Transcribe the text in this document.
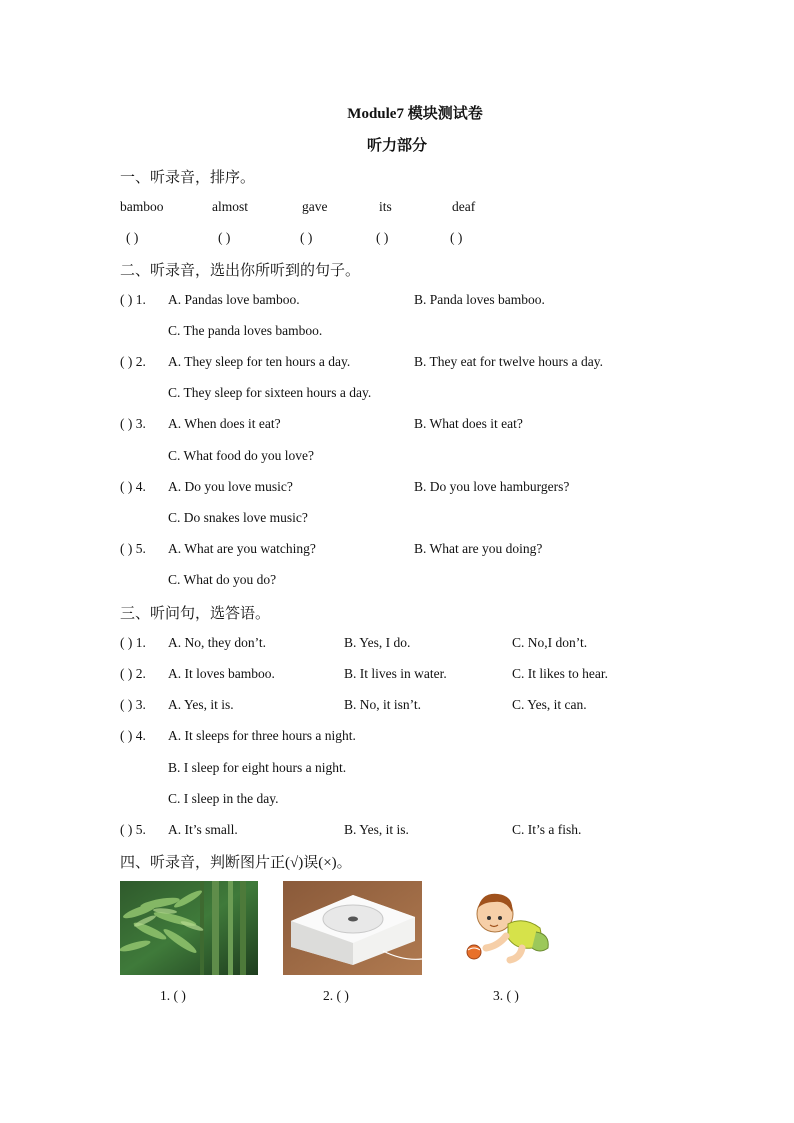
Module7 模块测试卷
听力部分
一、听录音，排序。
bamboo	almost	gave	its	deaf
( )	( )	( )	( )	( )
二、听录音，选出你所听到的句子。
( ) 1. A. Pandas love bamboo.	B. Panda loves bamboo.
C. The panda loves bamboo.
( ) 2. A. They sleep for ten hours a day.	B. They eat for twelve hours a day.
C. They sleep for sixteen hours a day.
( ) 3. A. When does it eat?	B. What does it eat?
C. What food do you love?
( ) 4. A. Do you love music?	B. Do you love hamburgers?
C. Do snakes love music?
( ) 5. A. What are you watching?	B. What are you doing?
C. What do you do?
三、听问句，选答语。
( ) 1. A. No, they don’t.	B. Yes, I do.	C. No,I don’t.
( ) 2. A. It loves bamboo.	B. It lives in water.	C. It likes to hear.
( ) 3. A. Yes, it is.	B. No, it isn’t.	C. Yes, it can.
( ) 4. A. It sleeps for three hours a night.
B. I sleep for eight hours a night.
C. I sleep in the day.
( ) 5. A. It’s small.	B. Yes, it is.	C. It’s a fish.
四、听录音，判断图片正(√)误(×)。
1. ( )	2. ( )	3. ( )
